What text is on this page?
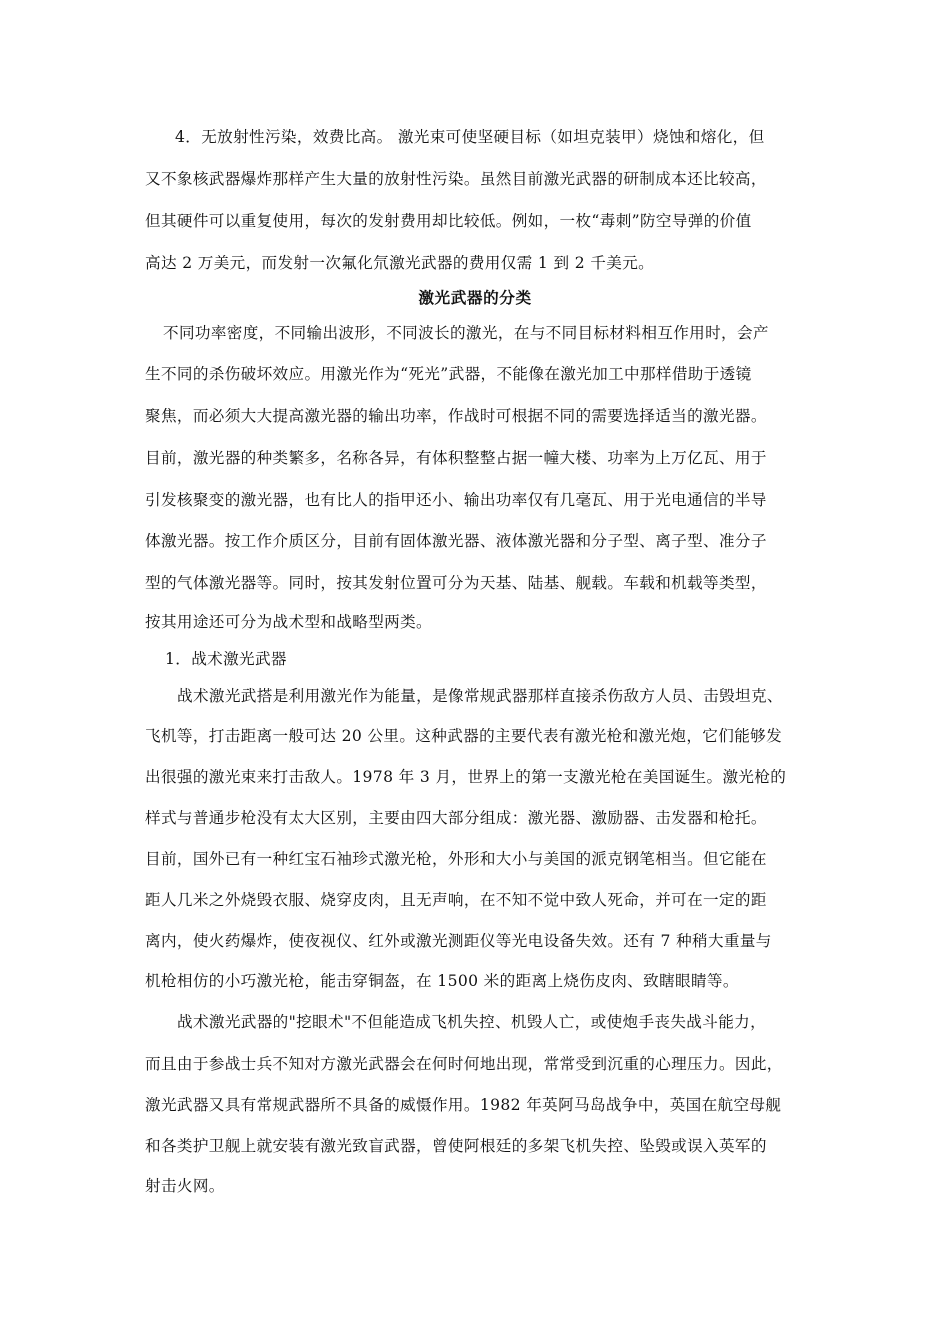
4．无放射性污染，效费比高。 激光束可使坚硬目标（如坦克装甲）烧蚀和熔化，但
又不象核武器爆炸那样产生大量的放射性污染。虽然目前激光武器的研制成本还比较高，
但其硬件可以重复使用，每次的发射费用却比较低。例如，一枚“毒刺”防空导弹的价值
高达 2 万美元，而发射一次氟化氘激光武器的费用仅需 1 到 2 千美元。
激光武器的分类
不同功率密度，不同输出波形，不同波长的激光，在与不同目标材料相互作用时，会产
生不同的杀伤破坏效应。用激光作为“死光”武器，不能像在激光加工中那样借助于透镜
聚焦，而必须大大提高激光器的输出功率，作战时可根据不同的需要选择适当的激光器。
目前，激光器的种类繁多，名称各异，有体积整整占据一幢大楼、功率为上万亿瓦、用于
引发核聚变的激光器，也有比人的指甲还小、输出功率仅有几毫瓦、用于光电通信的半导
体激光器。按工作介质区分，目前有固体激光器、液体激光器和分子型、离子型、准分子
型的气体激光器等。同时，按其发射位置可分为天基、陆基、舰载。车载和机载等类型，
按其用途还可分为战术型和战略型两类。
1．战术激光武器
战术激光武搭是利用激光作为能量，是像常规武器那样直接杀伤敌方人员、击毁坦克、
飞机等，打击距离一般可达 20 公里。这种武器的主要代表有激光枪和激光炮，它们能够发
出很强的激光束来打击敌人。1978 年 3 月，世界上的第一支激光枪在美国诞生。激光枪的
样式与普通步枪没有太大区别，主要由四大部分组成：激光器、激励器、击发器和枪托。
目前，国外已有一种红宝石袖珍式激光枪，外形和大小与美国的派克钢笔相当。但它能在
距人几米之外烧毁衣服、烧穿皮肉，且无声响，在不知不觉中致人死命，并可在一定的距
离内，使火药爆炸，使夜视仪、红外或激光测距仪等光电设备失效。还有 7 种稍大重量与
机枪相仿的小巧激光枪，能击穿铜盔，在 1500 米的距离上烧伤皮肉、致瞎眼睛等。
战术激光武器的"挖眼术"不但能造成飞机失控、机毁人亡，或使炮手丧失战斗能力，
而且由于参战士兵不知对方激光武器会在何时何地出现，常常受到沉重的心理压力。因此，
激光武器又具有常规武器所不具备的威慑作用。1982 年英阿马岛战争中，英国在航空母舰
和各类护卫舰上就安装有激光致盲武器，曾使阿根廷的多架飞机失控、坠毁或误入英军的
射击火网。
